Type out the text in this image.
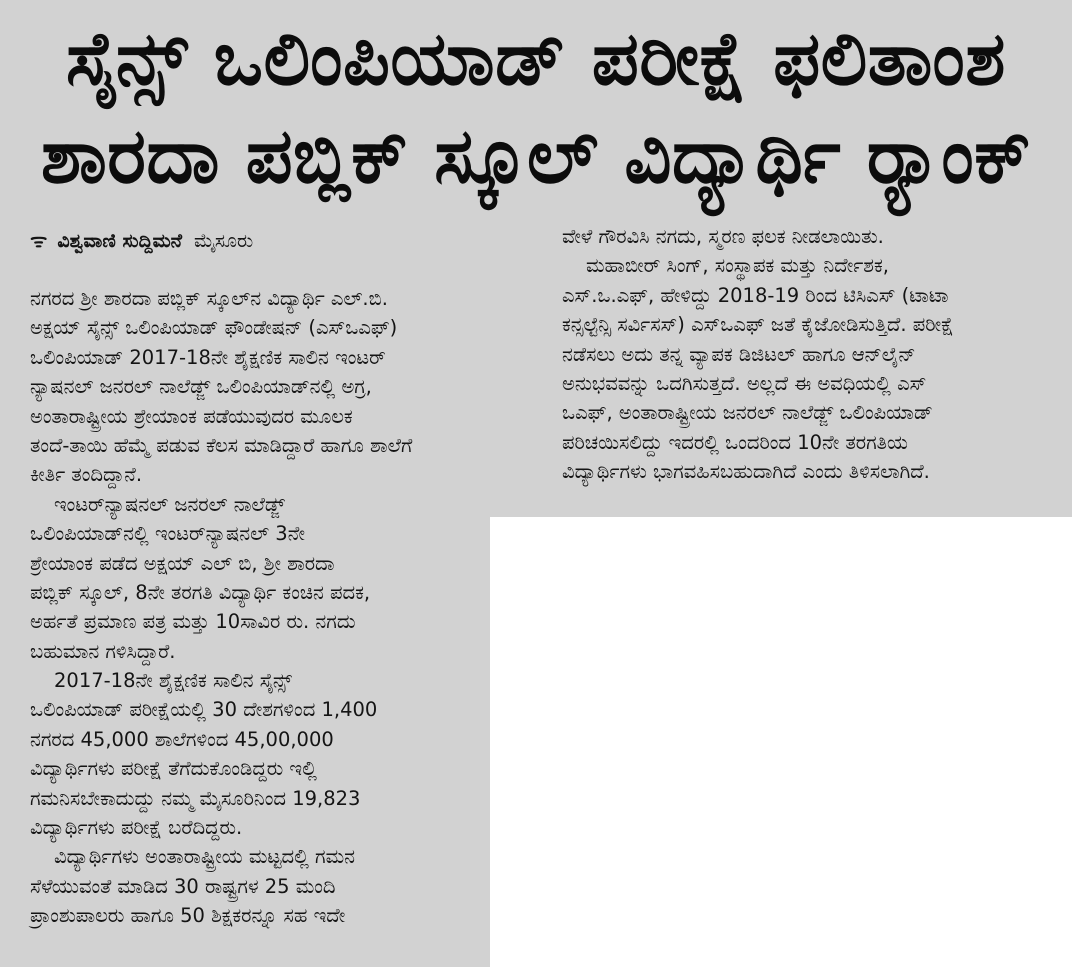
ಸೈನ್ಸ್ ಒಲಿಂಪಿಯಾಡ್ ಪರೀಕ್ಷೆ ಫಲಿತಾಂಶ
ಶಾರದಾ ಪಬ್ಲಿಕ್ ಸ್ಕೂಲ್ ವಿದ್ಯಾರ್ಥಿ ರ್‍ಯಾಂಕ್
ᯤ ವಿಶ್ವವಾಣಿ ಸುದ್ದಿಮನೆ ಮೈಸೂರು
ನಗರದ ಶ್ರೀ ಶಾರದಾ ಪಬ್ಲಿಕ್ ಸ್ಕೂಲ್‌ನ ವಿದ್ಯಾರ್ಥಿ ಎಲ್.ಬಿ.
ಅಕ್ಷಯ್ ಸೈನ್ಸ್ ಒಲಿಂಪಿಯಾಡ್ ಫೌಂಡೇಷನ್ (ಎಸ್‌ಒಎಫ್)
ಒಲಿಂಪಿಯಾಡ್ 2017-18ನೇ ಶೈಕ್ಷಣಿಕ ಸಾಲಿನ ಇಂಟರ್
ನ್ಯಾಷನಲ್ ಜನರಲ್ ನಾಲೆಡ್ಜ್ ಒಲಿಂಪಿಯಾಡ್‌ನಲ್ಲಿ ಅಗ್ರ,
ಅಂತಾರಾಷ್ಟ್ರೀಯ ಶ್ರೇಯಾಂಕ ಪಡೆಯುವುದರ ಮೂಲಕ
ತಂದೆ-ತಾಯಿ ಹೆಮ್ಮೆ ಪಡುವ ಕೆಲಸ ಮಾಡಿದ್ದಾರೆ ಹಾಗೂ ಶಾಲೆಗೆ
ಕೀರ್ತಿ ತಂದಿದ್ದಾನೆ.
ಇಂಟರ್‌ನ್ಯಾಷನಲ್ ಜನರಲ್ ನಾಲೆಡ್ಜ್
ಒಲಿಂಪಿಯಾಡ್‌ನಲ್ಲಿ ಇಂಟರ್‌ನ್ಯಾಷನಲ್ 3ನೇ
ಶ್ರೇಯಾಂಕ ಪಡೆದ ಅಕ್ಷಯ್ ಎಲ್ ಬಿ, ಶ್ರೀ ಶಾರದಾ
ಪಬ್ಲಿಕ್ ಸ್ಕೂಲ್, 8ನೇ ತರಗತಿ ವಿದ್ಯಾರ್ಥಿ ಕಂಚಿನ ಪದಕ,
ಅರ್ಹತೆ ಪ್ರಮಾಣ ಪತ್ರ ಮತ್ತು 10ಸಾವಿರ ರು. ನಗದು
ಬಹುಮಾನ ಗಳಿಸಿದ್ದಾರೆ.
2017-18ನೇ ಶೈಕ್ಷಣಿಕ ಸಾಲಿನ ಸೈನ್ಸ್
ಒಲಿಂಪಿಯಾಡ್ ಪರೀಕ್ಷೆಯಲ್ಲಿ 30 ದೇಶಗಳಿಂದ 1,400
ನಗರದ 45,000 ಶಾಲೆಗಳಿಂದ 45,00,000
ವಿದ್ಯಾರ್ಥಿಗಳು ಪರೀಕ್ಷೆ ತೆಗೆದುಕೊಂಡಿದ್ದರು ಇಲ್ಲಿ
ಗಮನಿಸಬೇಕಾದುದ್ದು ನಮ್ಮ ಮೈಸೂರಿನಿಂದ 19,823
ವಿದ್ಯಾರ್ಥಿಗಳು ಪರೀಕ್ಷೆ ಬರೆದಿದ್ದರು.
ವಿದ್ಯಾರ್ಥಿಗಳು ಅಂತಾರಾಷ್ಟ್ರೀಯ ಮಟ್ಟದಲ್ಲಿ ಗಮನ
ಸೆಳೆಯುವಂತೆ ಮಾಡಿದ 30 ರಾಷ್ಟ್ರಗಳ 25 ಮಂದಿ
ಪ್ರಾಂಶುಪಾಲರು ಹಾಗೂ 50 ಶಿಕ್ಷಕರನ್ನೂ ಸಹ ಇದೇ
ವೇಳೆ ಗೌರವಿಸಿ ನಗದು, ಸ್ಮರಣ ಫಲಕ ನೀಡಲಾಯಿತು.
ಮಹಾಬೀರ್ ಸಿಂಗ್, ಸಂಸ್ಥಾಪಕ ಮತ್ತು ನಿರ್ದೇಶಕ,
ಎಸ್.ಒ.ಎಫ್, ಹೇಳಿದ್ದು 2018-19 ರಿಂದ ಟಿಸಿಎಸ್ (ಟಾಟಾ
ಕನ್ಸಲ್ಟೆನ್ಸಿ ಸರ್ವಿಸಸ್) ಎಸ್‌ಒಎಫ್ ಜತೆ ಕೈಜೋಡಿಸುತ್ತಿದೆ. ಪರೀಕ್ಷೆ
ನಡೆಸಲು ಅದು ತನ್ನ ವ್ಯಾಪಕ ಡಿಜಿಟಲ್ ಹಾಗೂ ಆನ್‌ಲೈನ್
ಅನುಭವವನ್ನು ಒದಗಿಸುತ್ತದೆ. ಅಲ್ಲದೆ ಈ ಅವಧಿಯಲ್ಲಿ ಎಸ್
ಒಎಫ್, ಅಂತಾರಾಷ್ಟ್ರೀಯ ಜನರಲ್ ನಾಲೆಡ್ಜ್ ಒಲಿಂಪಿಯಾಡ್
ಪರಿಚಯಿಸಲಿದ್ದು ಇದರಲ್ಲಿ ಒಂದರಿಂದ 10ನೇ ತರಗತಿಯ
ವಿದ್ಯಾರ್ಥಿಗಳು ಭಾಗವಹಿಸಬಹುದಾಗಿದೆ ಎಂದು ತಿಳಿಸಲಾಗಿದೆ.
